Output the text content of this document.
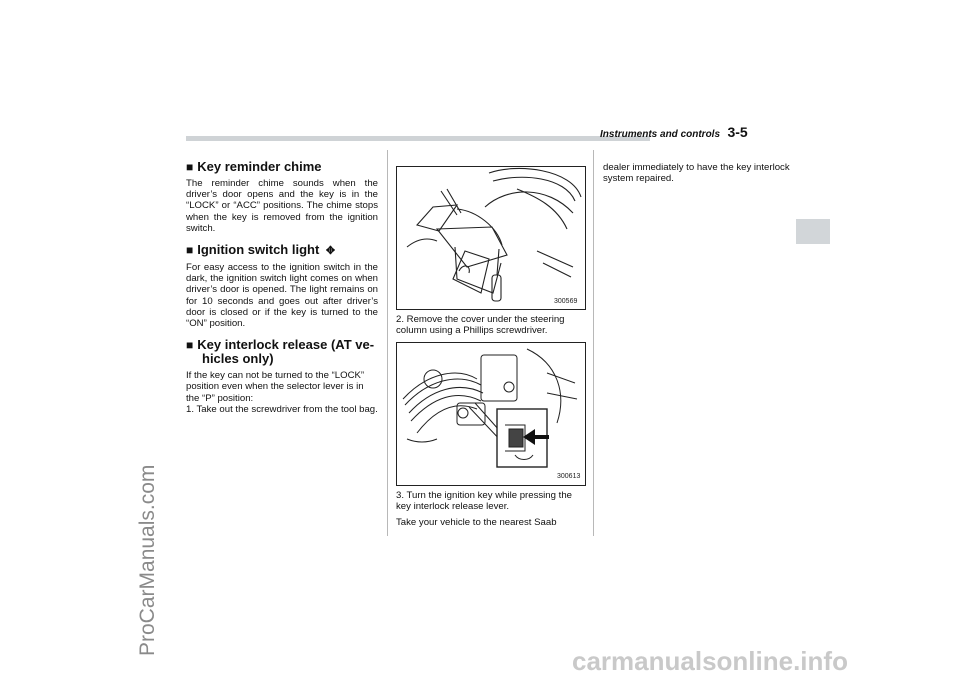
ProCarManuals.com
Instruments and controls 3-5
■ Key reminder chime

The reminder chime sounds when the driver’s door opens and the key is in the “LOCK” or “ACC” positions. The chime stops when the key is removed from the ignition switch.

■ Ignition switch light ✥

For easy access to the ignition switch in the dark, the ignition switch light comes on when driver’s door is opened. The light remains on for 10 seconds and goes out after driver’s door is closed or if the key is turned to the “ON” position.

■ Key interlock release (AT ve-
hicles only)

If the key can not be turned to the “LOCK” position even when the selector lever is in the “P” position:

1. Take out the screwdriver from the tool bag.

300569

2. Remove the cover under the steering column using a Phillips screwdriver.

300613

3. Turn the ignition key while pressing the key interlock release lever.

Take your vehicle to the nearest Saab

dealer immediately to have the key interlock system repaired.

carmanualsonline.info
